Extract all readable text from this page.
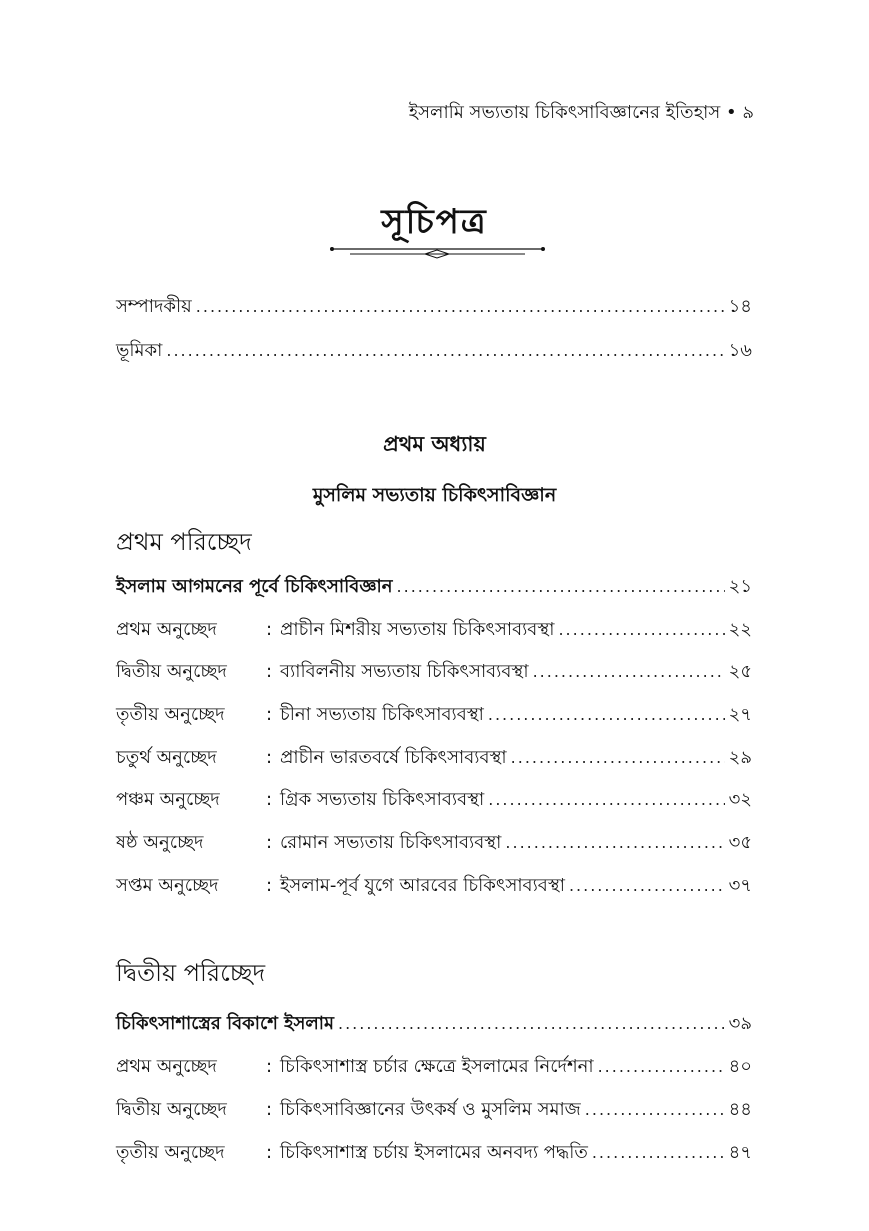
ইসলামি সভ্যতায় চিকিৎসাবিজ্ঞানের ইতিহাস • ৯
সূচিপত্র
সম্পাদকীয় .....	১৪
ভূমিকা .....	১৬
প্রথম অধ্যায়
মুসলিম সভ্যতায় চিকিৎসাবিজ্ঞান
প্রথম পরিচ্ছেদ
ইসলাম আগমনের পূর্বে চিকিৎসাবিজ্ঞান .....	২১
প্রথম অনুচ্ছেদ	: প্রাচীন মিশরীয় সভ্যতায় চিকিৎসাব্যবস্থা .....	২২
দ্বিতীয় অনুচ্ছেদ : ব্যাবিলনীয় সভ্যতায় চিকিৎসাব্যবস্থা .....	২৫
তৃতীয় অনুচ্ছেদ : চীনা সভ্যতায় চিকিৎসাব্যবস্থা .....	২৭
চতুর্থ অনুচ্ছেদ	: প্রাচীন ভারতবর্ষে চিকিৎসাব্যবস্থা .....	২৯
পঞ্চম অনুচ্ছেদ	: গ্রিক সভ্যতায় চিকিৎসাব্যবস্থা .....	৩২
ষষ্ঠ অনুচ্ছেদ	: রোমান সভ্যতায় চিকিৎসাব্যবস্থা .....	৩৫
সপ্তম অনুচ্ছেদ	: ইসলাম-পূর্ব যুগে আরবের চিকিৎসাব্যবস্থা .....	৩৭
দ্বিতীয় পরিচ্ছেদ
চিকিৎসাশাস্ত্রের বিকাশে ইসলাম .....	৩৯
প্রথম অনুচ্ছেদ	: চিকিৎসাশাস্ত্র চর্চার ক্ষেত্রে ইসলামের নির্দেশনা .....	৪০
দ্বিতীয় অনুচ্ছেদ : চিকিৎসাবিজ্ঞানের উৎকর্ষ ও মুসলিম সমাজ .....	৪৪
তৃতীয় অনুচ্ছেদ : চিকিৎসাশাস্ত্র চর্চায় ইসলামের অনবদ্য পদ্ধতি .....	৪৭
